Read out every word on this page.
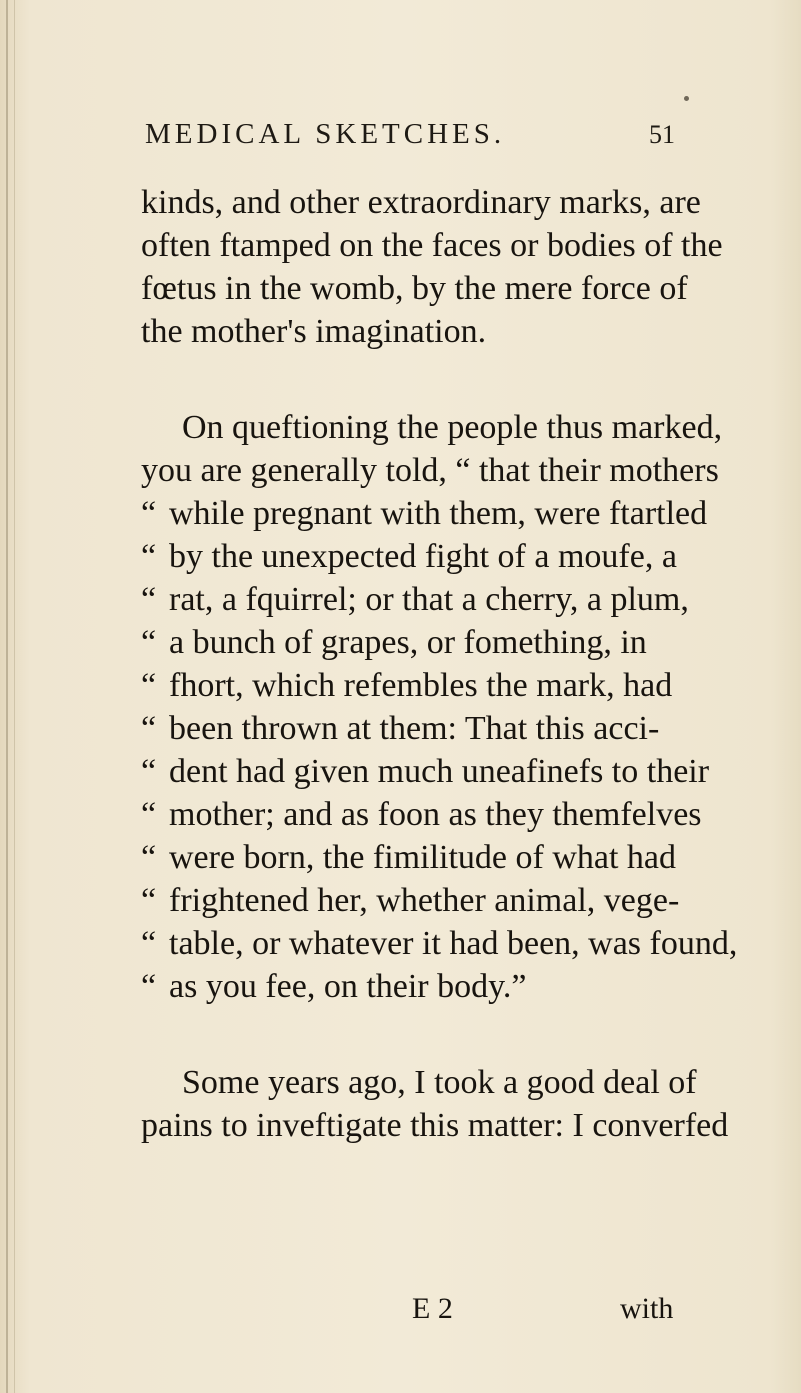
MEDICAL SKETCHES.	51
kinds, and other extraordinary marks, are
often ftamped on the faces or bodies of the
fœtus in the womb, by the mere force of
the mother's imagination.
On queftioning the people thus marked,
you are generally told, “ that their mothers
“ while pregnant with them, were ftartled
“ by the unexpected fight of a moufe, a
“ rat, a fquirrel; or that a cherry, a plum,
“ a bunch of grapes, or fomething, in
“ fhort, which refembles the mark, had
“ been thrown at them: That this acci-
“ dent had given much uneafinefs to their
“ mother; and as foon as they themfelves
“ were born, the fimilitude of what had
“ frightened her, whether animal, vege-
“ table, or whatever it had been, was found,
“ as you fee, on their body.”
Some years ago, I took a good deal of
pains to inveftigate this matter: I converfed
E 2	with
